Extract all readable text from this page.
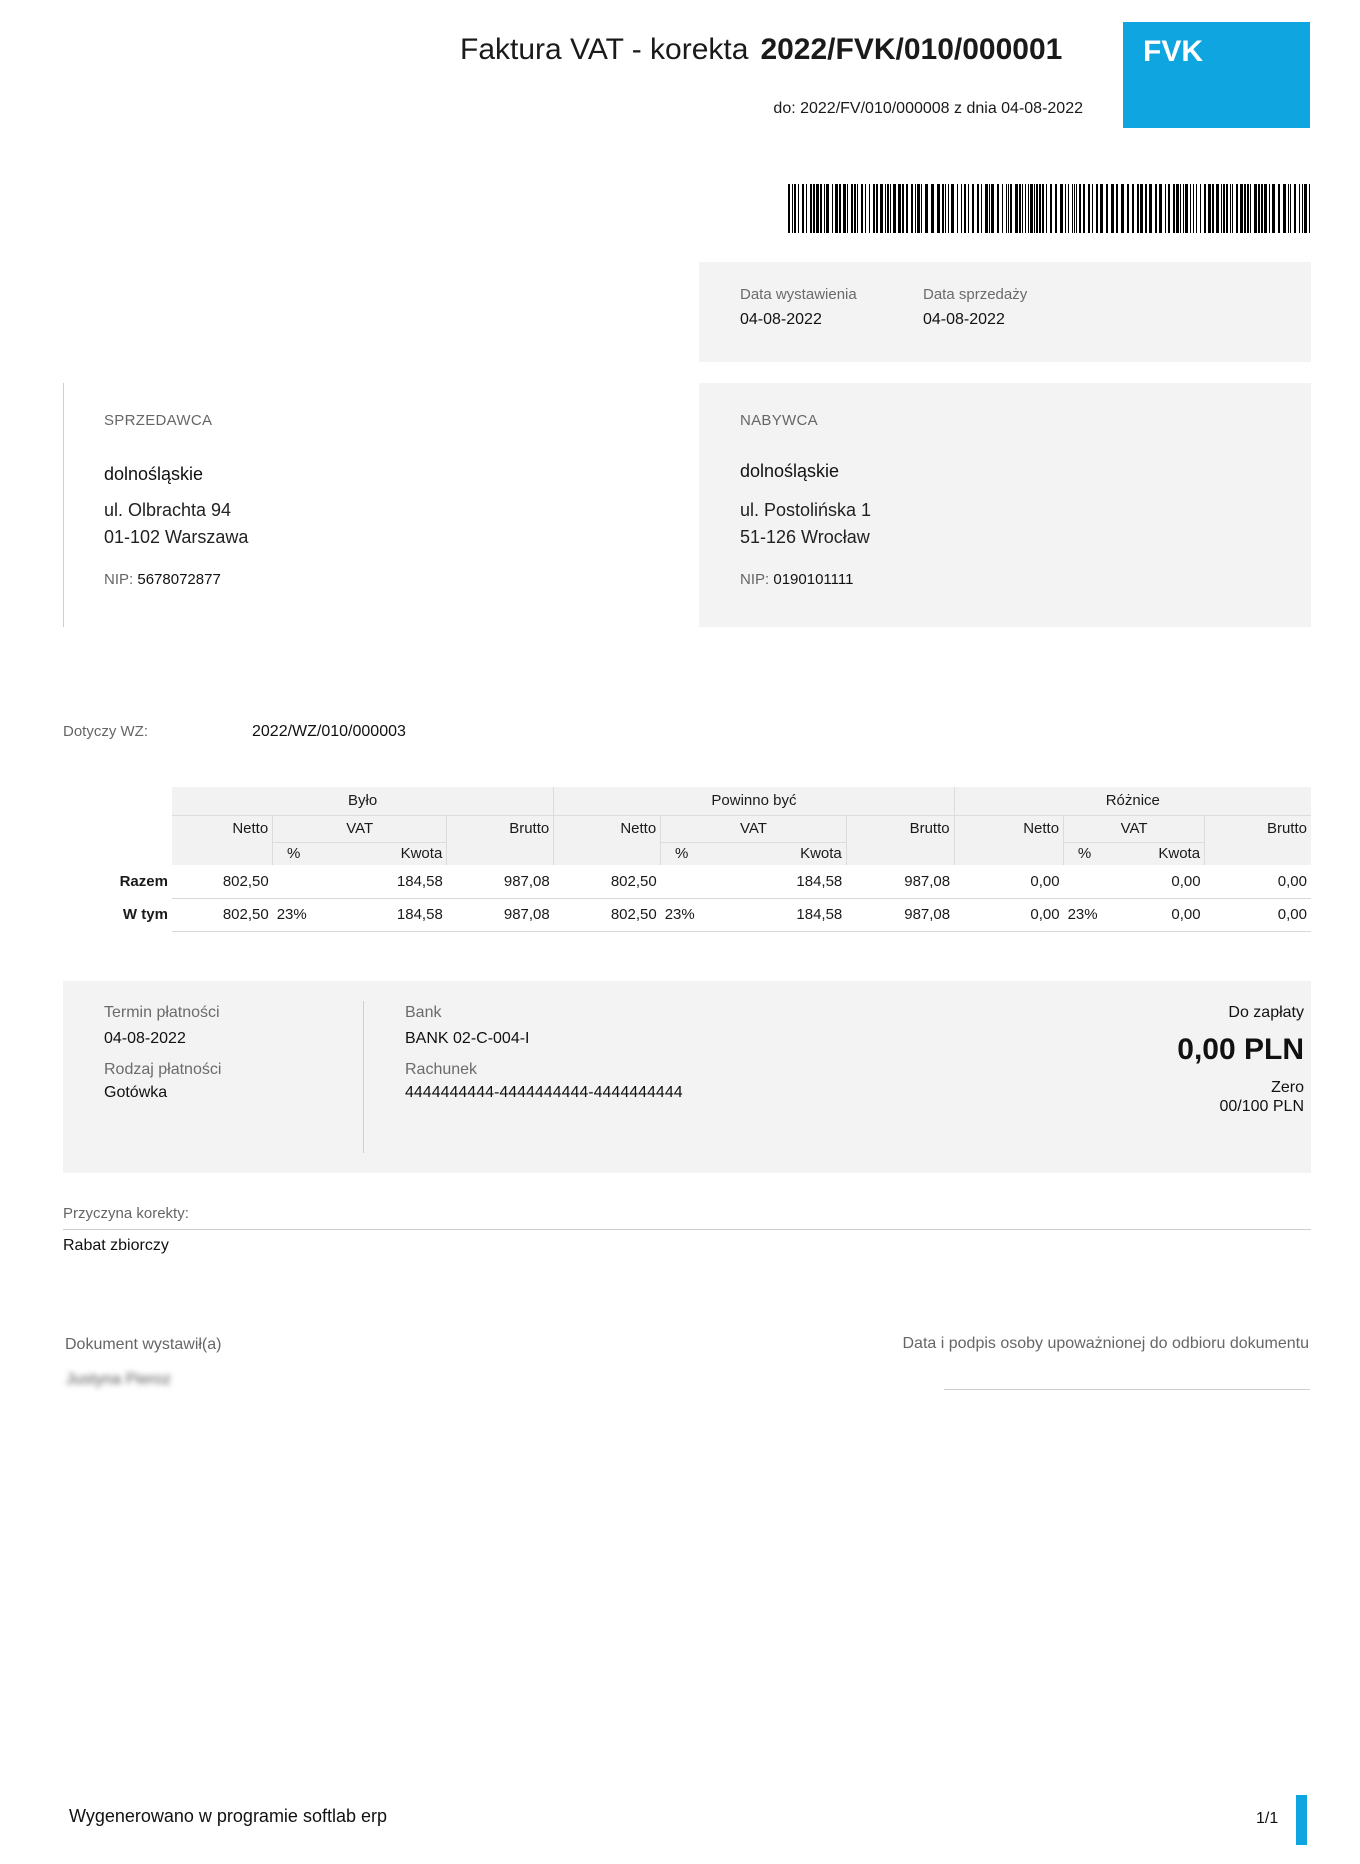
Faktura VAT - korekta 2022/FVK/010/000001
do: 2022/FV/010/000008 z dnia 04-08-2022
FVK
Data wystawienia
04-08-2022
Data sprzedaży
04-08-2022
SPRZEDAWCA
dolnośląskie
ul. Olbrachta 94
01-102 Warszawa
NIP: 5678072877
NABYWCA
dolnośląskie
ul. Postolińska 1
51-126 Wrocław
NIP: 0190101111
Dotyczy WZ:	2022/WZ/010/000003
	Było				Powinno być				Różnice			
	Netto	VAT		Brutto	Netto	VAT		Brutto	Netto	VAT		Brutto
		%	Kwota			%	Kwota			%	Kwota	
Razem	802,50		184,58	987,08	802,50		184,58	987,08	0,00		0,00	0,00
W tym	802,50	23%	184,58	987,08	802,50	23%	184,58	987,08	0,00	23%	0,00	0,00
Termin płatności
04-08-2022
Rodzaj płatności
Gotówka
Bank
BANK 02-C-004-I
Rachunek
4444444444-4444444444-4444444444
Do zapłaty
0,00 PLN
Zero
00/100 PLN
Przyczyna korekty:
Rabat zbiorczy
Dokument wystawił(a)
Justyna Pieroz
Data i podpis osoby upoważnionej do odbioru dokumentu
Wygenerowano w programie softlab erp	1/1
